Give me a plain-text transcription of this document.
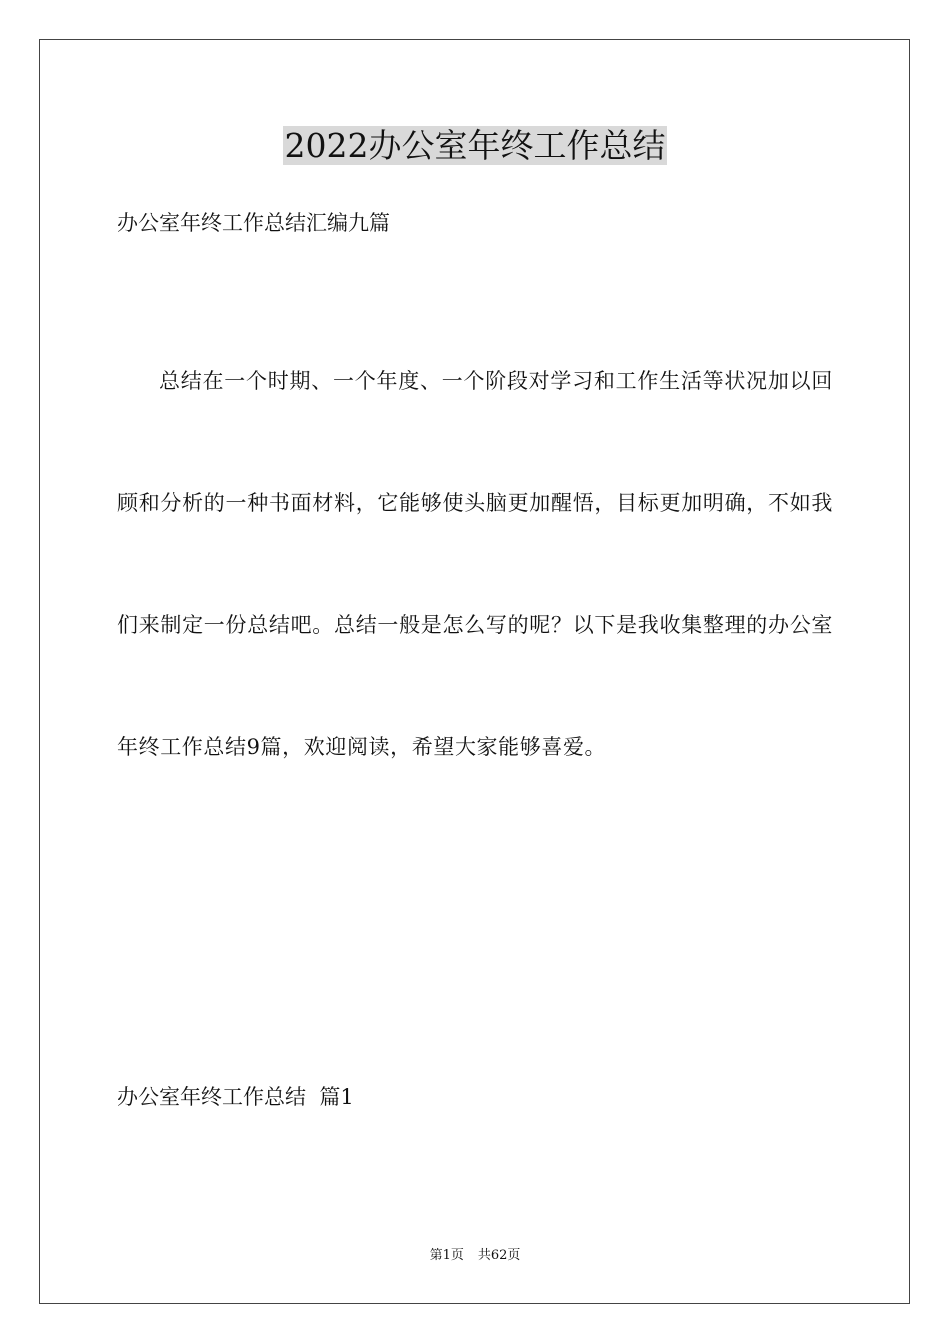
2022办公室年终工作总结

办公室年终工作总结汇编九篇

总结在一个时期、一个年度、一个阶段对学习和工作生活等状况加以回顾和分析的一种书面材料，它能够使头脑更加醒悟，目标更加明确，不如我们来制定一份总结吧。总结一般是怎么写的呢？以下是我收集整理的办公室年终工作总结9篇，欢迎阅读，希望大家能够喜爱。

办公室年终工作总结  篇1

第1页 共62页
